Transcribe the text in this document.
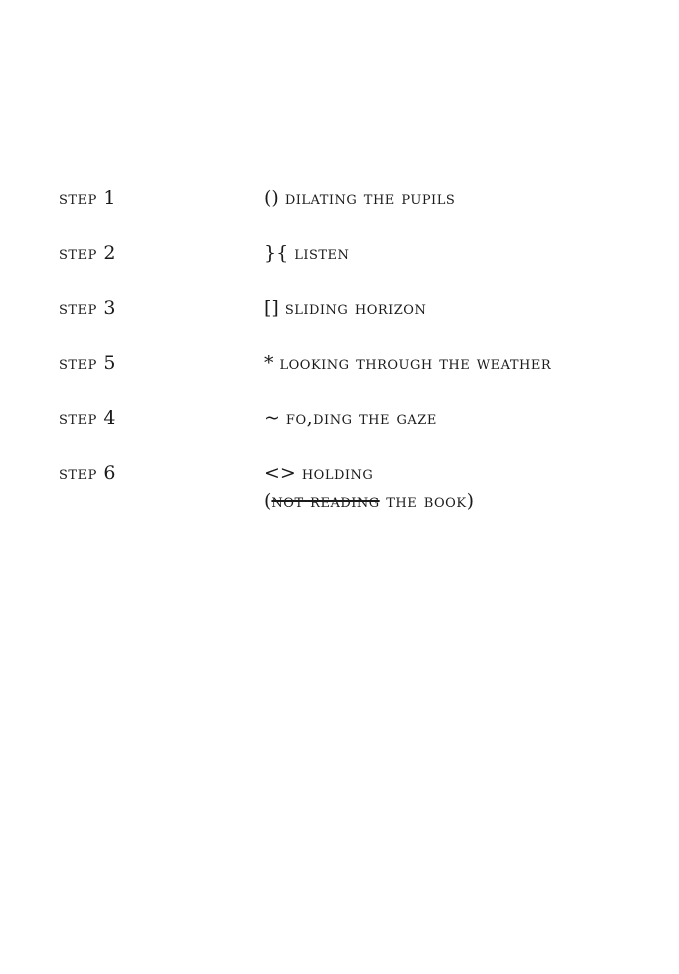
step 1	() dilating the pupils
step 2	}{ listen
step 3	[] sliding horizon
step 5	* looking through the weather
step 4	~ fo,ding the gaze
step 6	<> holding
(not reading the book)
